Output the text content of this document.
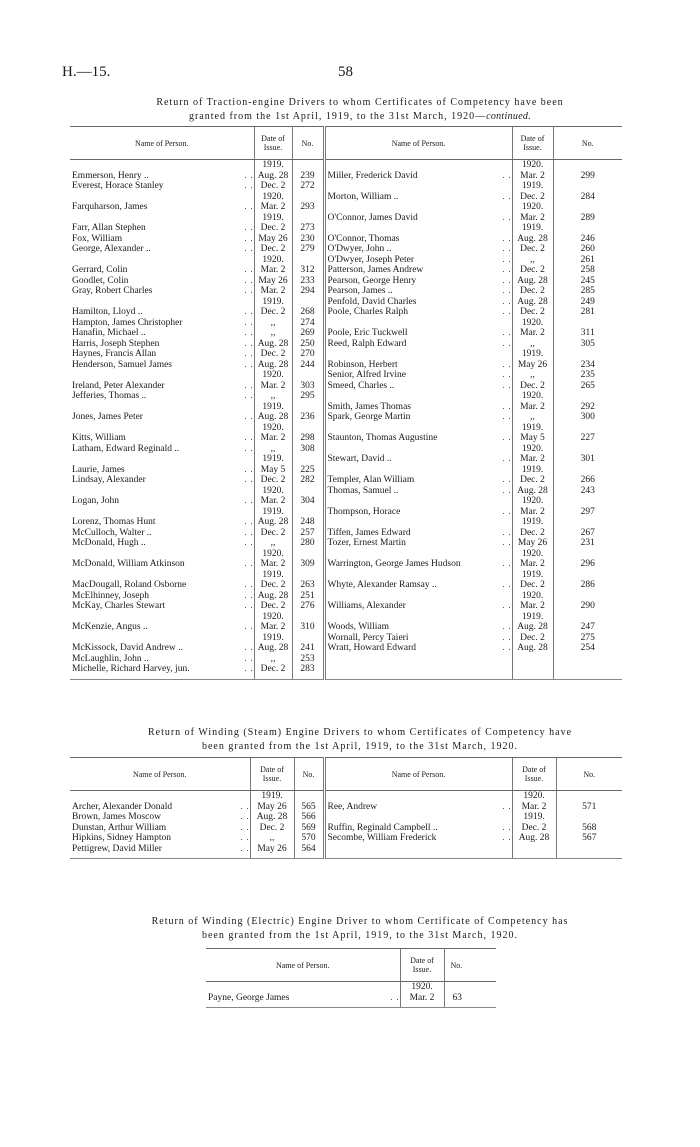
H.—15.	58
Return of Traction-engine Drivers to whom Certificates of Competency have been
granted from the 1st April, 1919, to the 31st March, 1920—continued.
Name of Person.		Date of Issue.	No.	Name of Person.		Date of Issue.	No.
		1919.				1920.	
Emmerson, Henry ..	. .	Aug. 28	239	Miller, Frederick David	. .	Mar. 2	299
Everest, Horace Stanley	. .	Dec. 2	272			1919.	
		1920.		Morton, William ..	. .	Dec. 2	284
Farquharson, James	. .	Mar. 2	293			1920.	
		1919.		O'Connor, James David	. .	Mar. 2	289
Farr, Allan Stephen	. .	Dec. 2	273			1919.	
Fox, William	. .	May 26	230	O'Connor, Thomas	. .	Aug. 28	246
George, Alexander ..	. .	Dec. 2	279	O'Dwyer, John ..	. .	Dec. 2	260
		1920.		O'Dwyer, Joseph Peter	. .	,,	261
Gerrard, Colin	. .	Mar. 2	312	Patterson, James Andrew	. .	Dec. 2	258
Goodlet, Colin	. .	May 26	233	Pearson, George Henry	. .	Aug. 28	245
Gray, Robert Charles	. .	Mar. 2	294	Pearson, James ..	. .	Dec. 2	285
		1919.		Penfold, David Charles	. .	Aug. 28	249
Hamilton, Lloyd ..	. .	Dec. 2	268	Poole, Charles Ralph	. .	Dec. 2	281
Hampton, James Christopher	. .	,,	274			1920.	
Hanafin, Michael ..	. .	,,	269	Poole, Eric Tuckwell	. .	Mar. 2	311
Harris, Joseph Stephen	. .	Aug. 28	250	Reed, Ralph Edward	. .	,,	305
Haynes, Francis Allan	. .	Dec. 2	270			1919.	
Henderson, Samuel James	. .	Aug. 28	244	Robinson, Herbert	. .	May 26	234
		1920.		Senior, Alfred Irvine	. .	,,	235
Ireland, Peter Alexander	. .	Mar. 2	303	Smeed, Charles ..	. .	Dec. 2	265
Jefferies, Thomas ..	. .	,,	295			1920.	
		1919.		Smith, James Thomas	. .	Mar. 2	292
Jones, James Peter	. .	Aug. 28	236	Spark, George Martin	. .	,,	300
		1920.				1919.	
Kitts, William	. .	Mar. 2	298	Staunton, Thomas Augustine	. .	May 5	227
Latham, Edward Reginald ..	. .	,,	308			1920.	
		1919.		Stewart, David ..	. .	Mar. 2	301
Laurie, James	. .	May 5	225			1919.	
Lindsay, Alexander	. .	Dec. 2	282	Templer, Alan William	. .	Dec. 2	266
		1920.		Thomas, Samuel ..	. .	Aug. 28	243
Logan, John	. .	Mar. 2	304			1920.	
		1919.		Thompson, Horace	. .	Mar. 2	297
Lorenz, Thomas Hunt	. .	Aug. 28	248			1919.	
McCulloch, Walter ..	. .	Dec. 2	257	Tiffen, James Edward	. .	Dec. 2	267
McDonald, Hugh ..	. .	,,	280	Tozer, Ernest Martin	. .	May 26	231
		1920.				1920.	
McDonald, William Atkinson	. .	Mar. 2	309	Warrington, George James Hudson	. .	Mar. 2	296
		1919.				1919.	
MacDougall, Roland Osborne	. .	Dec. 2	263	Whyte, Alexander Ramsay ..	. .	Dec. 2	286
McElhinney, Joseph	. .	Aug. 28	251			1920.	
McKay, Charles Stewart	. .	Dec. 2	276	Williams, Alexander	. .	Mar. 2	290
		1920.				1919.	
McKenzie, Angus ..	. .	Mar. 2	310	Woods, William	. .	Aug. 28	247
		1919.		Wornall, Percy Taieri	. .	Dec. 2	275
McKissock, David Andrew ..	. .	Aug. 28	241	Wratt, Howard Edward	. .	Aug. 28	254
McLaughlin, John ..	. .	,,	253				
Michelle, Richard Harvey, jun.	. .	Dec. 2	283				
Return of Winding (Steam) Engine Drivers to whom Certificates of Competency have
been granted from the 1st April, 1919, to the 31st March, 1920.
Name of Person.		Date of Issue.	No.	Name of Person.		Date of Issue.	No.
		1919.				1920.	
Archer, Alexander Donald	. .	May 26	565	Ree, Andrew	. .	Mar. 2	571
Brown, James Moscow	. .	Aug. 28	566			1919.	
Dunstan, Arthur William	. .	Dec. 2	569	Ruffin, Reginald Campbell ..	. .	Dec. 2	568
Hipkins, Sidney Hampton	. .	,,	570	Secombe, William Frederick	. .	Aug. 28	567
Pettigrew, David Miller	. .	May 26	564				
Return of Winding (Electric) Engine Driver to whom Certificate of Competency has
been granted from the 1st April, 1919, to the 31st March, 1920.
Name of Person.		Date of Issue.	No.
		1920.	
Payne, George James	. .	Mar. 2	63
